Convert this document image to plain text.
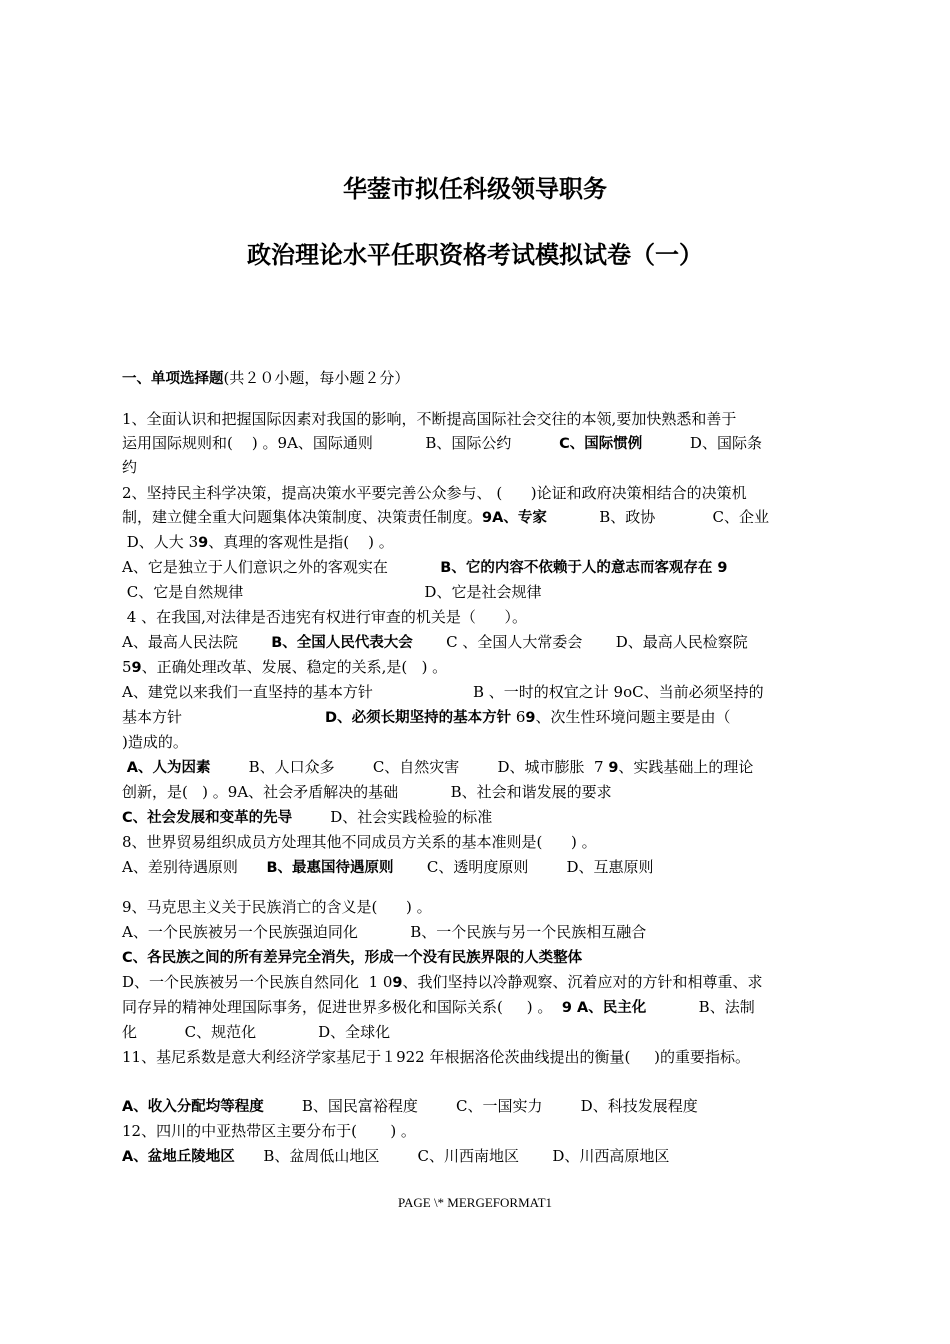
华蓥市拟任科级领导职务
政治理论水平任职资格考试模拟试卷（一）
一、单项选择题(共２０小题，每小题２分）
1、全面认识和把握国际因素对我国的影响，不断提高国际社会交往的本领,要加快熟悉和善于
运用国际规则和(    ) 。9A、国际通则           B、国际公约          C、国际惯例          D、国际条
约
2、坚持民主科学决策，提高决策水平要完善公众参与、 (      )论证和政府决策相结合的决策机
制，建立健全重大问题集体决策制度、决策责任制度。9A、专家           B、政协            C、企业
D、人大 39、真理的客观性是指(    ) 。
A、它是独立于人们意识之外的客观实在           B、它的内容不依赖于人的意志而客观存在 9
C、它是自然规律                                      D、它是社会规律
4 、在我国,对法律是否违宪有权进行审查的机关是（      ）。
A、最高人民法院       B、全国人民代表大会       C 、全国人大常委会       D、最高人民检察院
59、正确处理改革、发展、稳定的关系,是(   ) 。
A、建党以来我们一直坚持的基本方针                     B 、一时的权宜之计 9oC、当前必须坚持的
基本方针                              D、必须长期坚持的基本方针 69、次生性环境问题主要是由（
)造成的。
A、人为因素        B、人口众多        C、自然灾害        D、城市膨胀  7 9、实践基础上的理论
创新，是(   ) 。9A、社会矛盾解决的基础           B、社会和谐发展的要求
C、社会发展和变革的先导        D、社会实践检验的标准
8、世界贸易组织成员方处理其他不同成员方关系的基本准则是(      ) 。
A、差别待遇原则      B、最惠国待遇原则       C、透明度原则        D、互惠原则
9、马克思主义关于民族消亡的含义是(      ) 。
A、一个民族被另一个民族强迫同化           B、一个民族与另一个民族相互融合
C、各民族之间的所有差异完全消失，形成一个没有民族界限的人类整体
D、一个民族被另一个民族自然同化  1 09、我们坚持以冷静观察、沉着应对的方针和相尊重、求
同存异的精神处理国际事务，促进世界多极化和国际关系(     ) 。  9 A、民主化           B、法制
化          C、规范化             D、全球化
11、基尼系数是意大利经济学家基尼于１922 年根据洛伦茨曲线提出的衡量(     )的重要指标。
A、收入分配均等程度        B、国民富裕程度        C、一国实力        D、科技发展程度
12、四川的中亚热带区主要分布于(       ) 。
A、盆地丘陵地区      B、盆周低山地区        C、川西南地区       D、川西高原地区
PAGE \* MERGEFORMAT1
